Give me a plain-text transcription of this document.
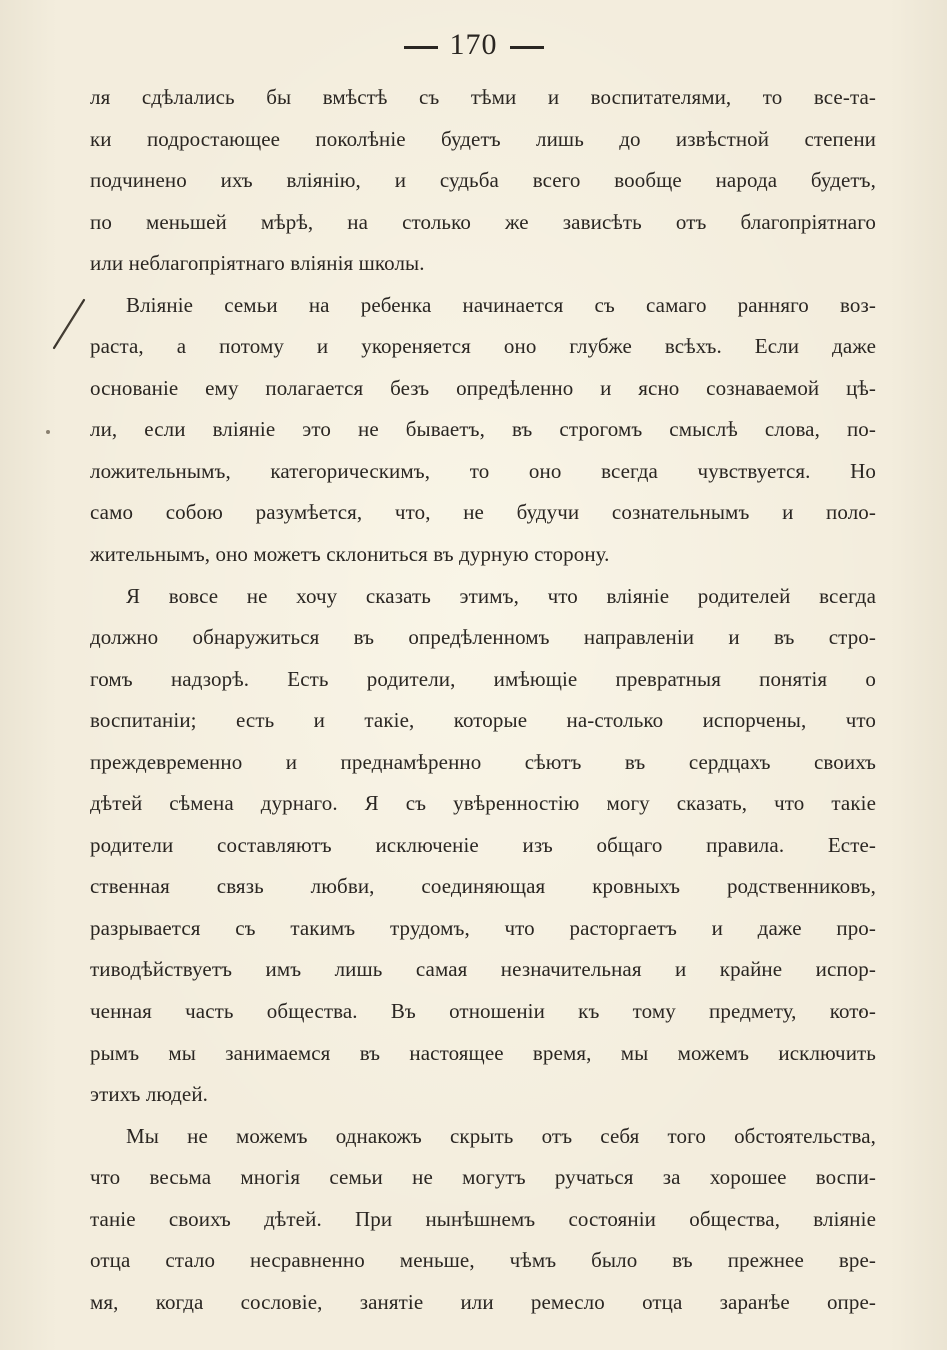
170
ля сдѣлались бы вмѣстѣ съ тѣми и воспитателями, то все-та-
ки подростающее поколѣніе будетъ лишь до извѣстной степени
подчинено ихъ вліянію, и судьба всего вообще народа будетъ,
по меньшей мѣрѣ, на столько же зависѣть отъ благопріятнаго
или неблагопріятнаго вліянія школы.
Вліяніе семьи на ребенка начинается съ самаго ранняго воз-
раста, а потому и укореняется оно глубже всѣхъ. Если даже
основаніе ему полагается безъ опредѣленно и ясно сознаваемой цѣ-
ли, если вліяніе это не бываетъ, въ строгомъ смыслѣ слова, по-
ложительнымъ, категорическимъ, то оно всегда чувствуется. Но
само собою разумѣется, что, не будучи сознательнымъ и поло-
жительнымъ, оно можетъ склониться въ дурную сторону.
Я вовсе не хочу сказать этимъ, что вліяніе родителей всегда
должно обнаружиться въ опредѣленномъ направленіи и въ стро-
гомъ надзорѣ. Есть родители, имѣющіе превратныя понятія о
воспитаніи; есть и такіе, которые на-столько испорчены, что
преждевременно и преднамѣренно сѣютъ въ сердцахъ своихъ
дѣтей сѣмена дурнаго. Я съ увѣренностію могу сказать, что такіе
родители составляютъ исключеніе изъ общаго правила. Есте-
ственная связь любви, соединяющая кровныхъ родственниковъ,
разрывается съ такимъ трудомъ, что расторгаетъ и даже про-
тиводѣйствуетъ имъ лишь самая незначительная и крайне испор-
ченная часть общества. Въ отношеніи къ тому предмету, кото-
рымъ мы занимаемся въ настоящее время, мы можемъ исключить
этихъ людей.
Мы не можемъ однакожъ скрыть отъ себя того обстоятельства,
что весьма многія семьи не могутъ ручаться за хорошее воспи-
таніе своихъ дѣтей. При нынѣшнемъ состояніи общества, вліяніе
отца стало несравненно меньше, чѣмъ было въ прежнее вре-
мя, когда сословіе, занятіе или ремесло отца заранѣе опре-
